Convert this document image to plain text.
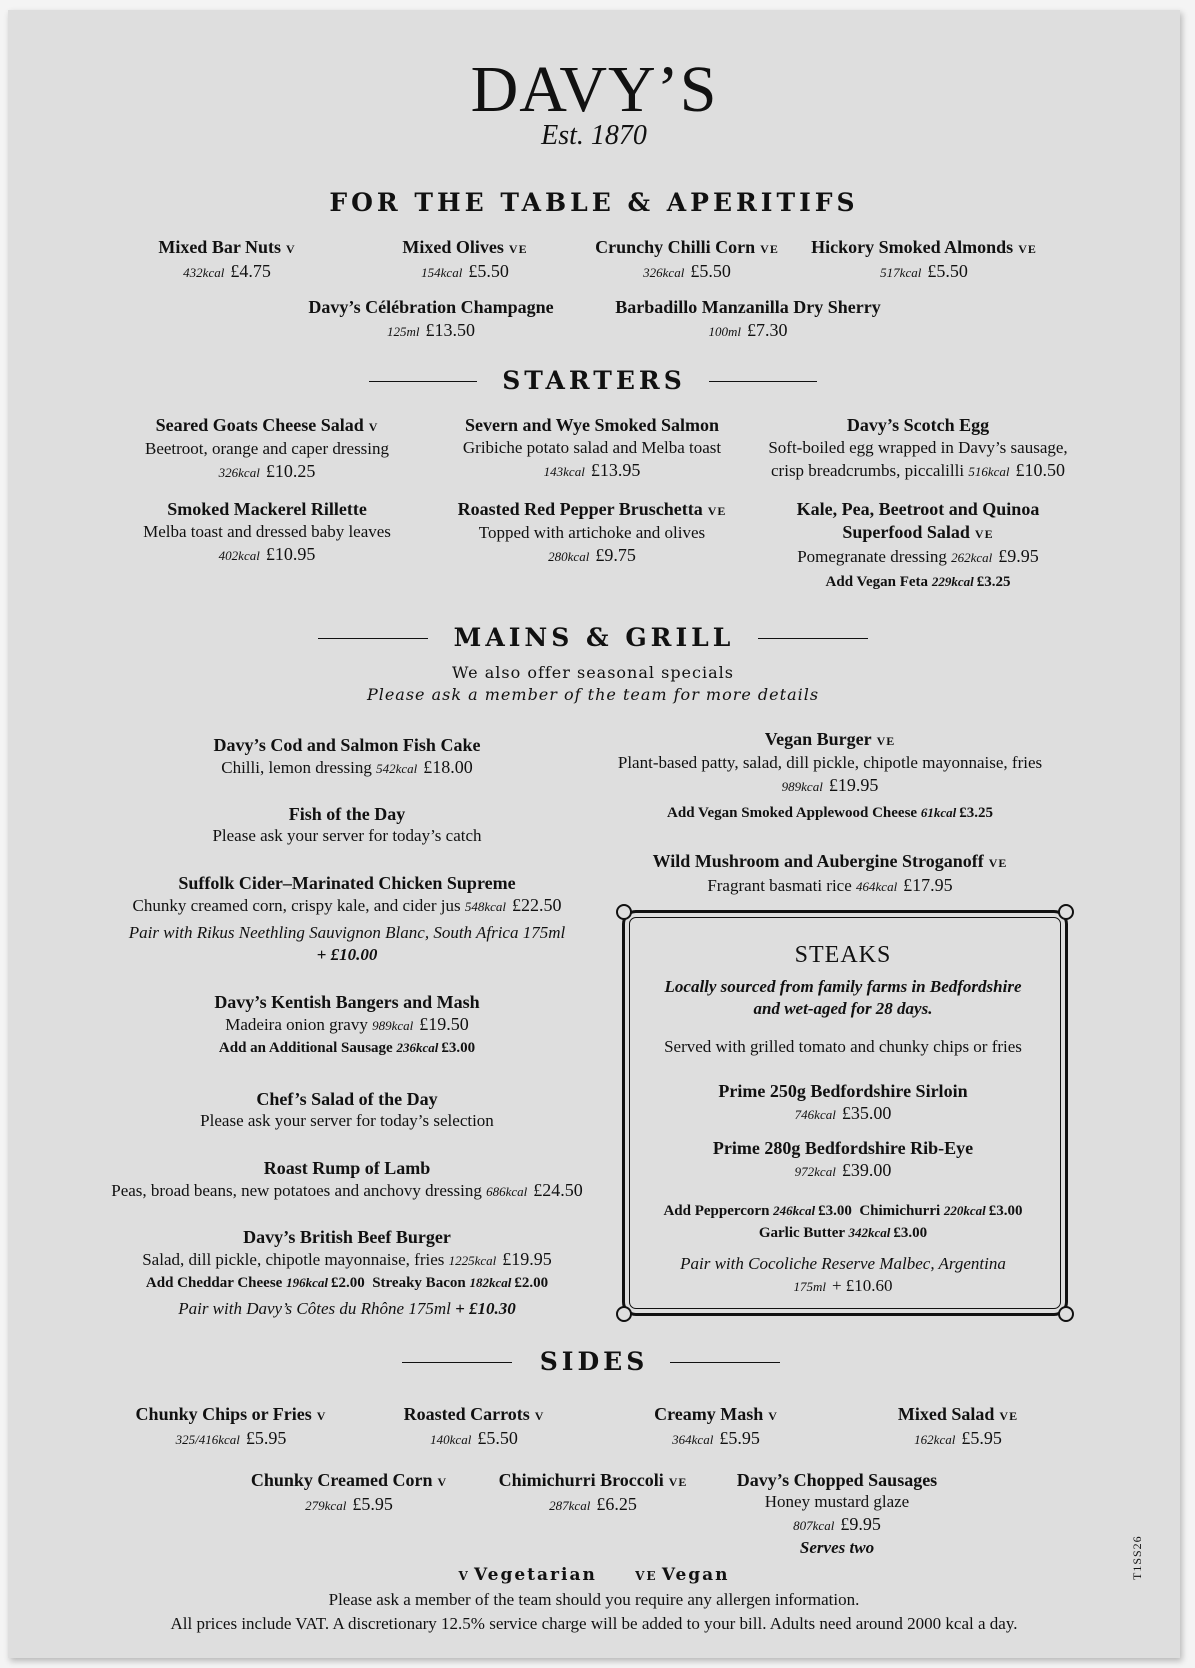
DAVY’S
Est. 1870
FOR THE TABLE & APERITIFS
Mixed Bar Nuts V
432kcal £4.75
Mixed Olives VE
154kcal £5.50
Crunchy Chilli Corn VE
326kcal £5.50
Hickory Smoked Almonds VE
517kcal £5.50
Davy’s Célébration Champagne
125ml £13.50
Barbadillo Manzanilla Dry Sherry
100ml £7.30
STARTERS
Seared Goats Cheese Salad V
Beetroot, orange and caper dressing
326kcal £10.25
Severn and Wye Smoked Salmon
Gribiche potato salad and Melba toast
143kcal £13.95
Davy’s Scotch Egg
Soft-boiled egg wrapped in Davy’s sausage,
crisp breadcrumbs, piccalilli 516kcal £10.50
Smoked Mackerel Rillette
Melba toast and dressed baby leaves
402kcal £10.95
Roasted Red Pepper Bruschetta VE
Topped with artichoke and olives
280kcal £9.75
Kale, Pea, Beetroot and Quinoa
Superfood Salad VE
Pomegranate dressing 262kcal £9.95
Add Vegan Feta 229kcal £3.25
MAINS & GRILL
We also offer seasonal specials
Please ask a member of the team for more details
Davy’s Cod and Salmon Fish Cake
Chilli, lemon dressing 542kcal £18.00
Fish of the Day
Please ask your server for today’s catch
Suffolk Cider–Marinated Chicken Supreme
Chunky creamed corn, crispy kale, and cider jus 548kcal £22.50
Pair with Rikus Neethling Sauvignon Blanc, South Africa 175ml
+ £10.00
Davy’s Kentish Bangers and Mash
Madeira onion gravy 989kcal £19.50
Add an Additional Sausage 236kcal £3.00
Chef’s Salad of the Day
Please ask your server for today’s selection
Roast Rump of Lamb
Peas, broad beans, new potatoes and anchovy dressing 686kcal £24.50
Davy’s British Beef Burger
Salad, dill pickle, chipotle mayonnaise, fries 1225kcal £19.95
Add Cheddar Cheese 196kcal £2.00 Streaky Bacon 182kcal £2.00
Pair with Davy’s Côtes du Rhône 175ml + £10.30
Vegan Burger VE
Plant-based patty, salad, dill pickle, chipotle mayonnaise, fries
989kcal £19.95
Add Vegan Smoked Applewood Cheese 61kcal £3.25
Wild Mushroom and Aubergine Stroganoff VE
Fragrant basmati rice 464kcal £17.95
STEAKS
Locally sourced from family farms in Bedfordshire
and wet-aged for 28 days.
Served with grilled tomato and chunky chips or fries
Prime 250g Bedfordshire Sirloin
746kcal £35.00
Prime 280g Bedfordshire Rib-Eye
972kcal £39.00
Add Peppercorn 246kcal £3.00 Chimichurri 220kcal £3.00
Garlic Butter 342kcal £3.00
Pair with Cocoliche Reserve Malbec, Argentina
175ml + £10.60
SIDES
Chunky Chips or Fries V
325/416kcal £5.95
Roasted Carrots V
140kcal £5.50
Creamy Mash V
364kcal £5.95
Mixed Salad VE
162kcal £5.95
Chunky Creamed Corn V
279kcal £5.95
Chimichurri Broccoli VE
287kcal £6.25
Davy’s Chopped Sausages
Honey mustard glaze
807kcal £9.95
Serves two
V Vegetarian	VE Vegan
Please ask a member of the team should you require any allergen information.
All prices include VAT. A discretionary 12.5% service charge will be added to your bill. Adults need around 2000 kcal a day.
T1SS26
